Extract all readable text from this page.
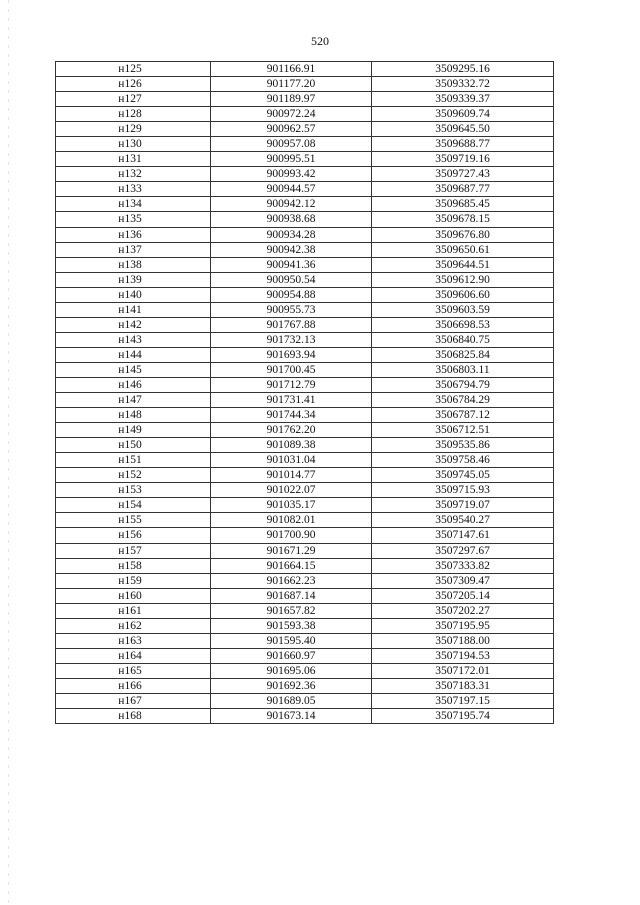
520
н125	901166.91	3509295.16
н126	901177.20	3509332.72
н127	901189.97	3509339.37
н128	900972.24	3509609.74
н129	900962.57	3509645.50
н130	900957.08	3509688.77
н131	900995.51	3509719.16
н132	900993.42	3509727.43
н133	900944.57	3509687.77
н134	900942.12	3509685.45
н135	900938.68	3509678.15
н136	900934.28	3509676.80
н137	900942.38	3509650.61
н138	900941.36	3509644.51
н139	900950.54	3509612.90
н140	900954.88	3509606.60
н141	900955.73	3509603.59
н142	901767.88	3506698.53
н143	901732.13	3506840.75
н144	901693.94	3506825.84
н145	901700.45	3506803.11
н146	901712.79	3506794.79
н147	901731.41	3506784.29
н148	901744.34	3506787.12
н149	901762.20	3506712.51
н150	901089.38	3509535.86
н151	901031.04	3509758.46
н152	901014.77	3509745.05
н153	901022.07	3509715.93
н154	901035.17	3509719.07
н155	901082.01	3509540.27
н156	901700.90	3507147.61
н157	901671.29	3507297.67
н158	901664.15	3507333.82
н159	901662.23	3507309.47
н160	901687.14	3507205.14
н161	901657.82	3507202.27
н162	901593.38	3507195.95
н163	901595.40	3507188.00
н164	901660.97	3507194.53
н165	901695.06	3507172.01
н166	901692.36	3507183.31
н167	901689.05	3507197.15
н168	901673.14	3507195.74
